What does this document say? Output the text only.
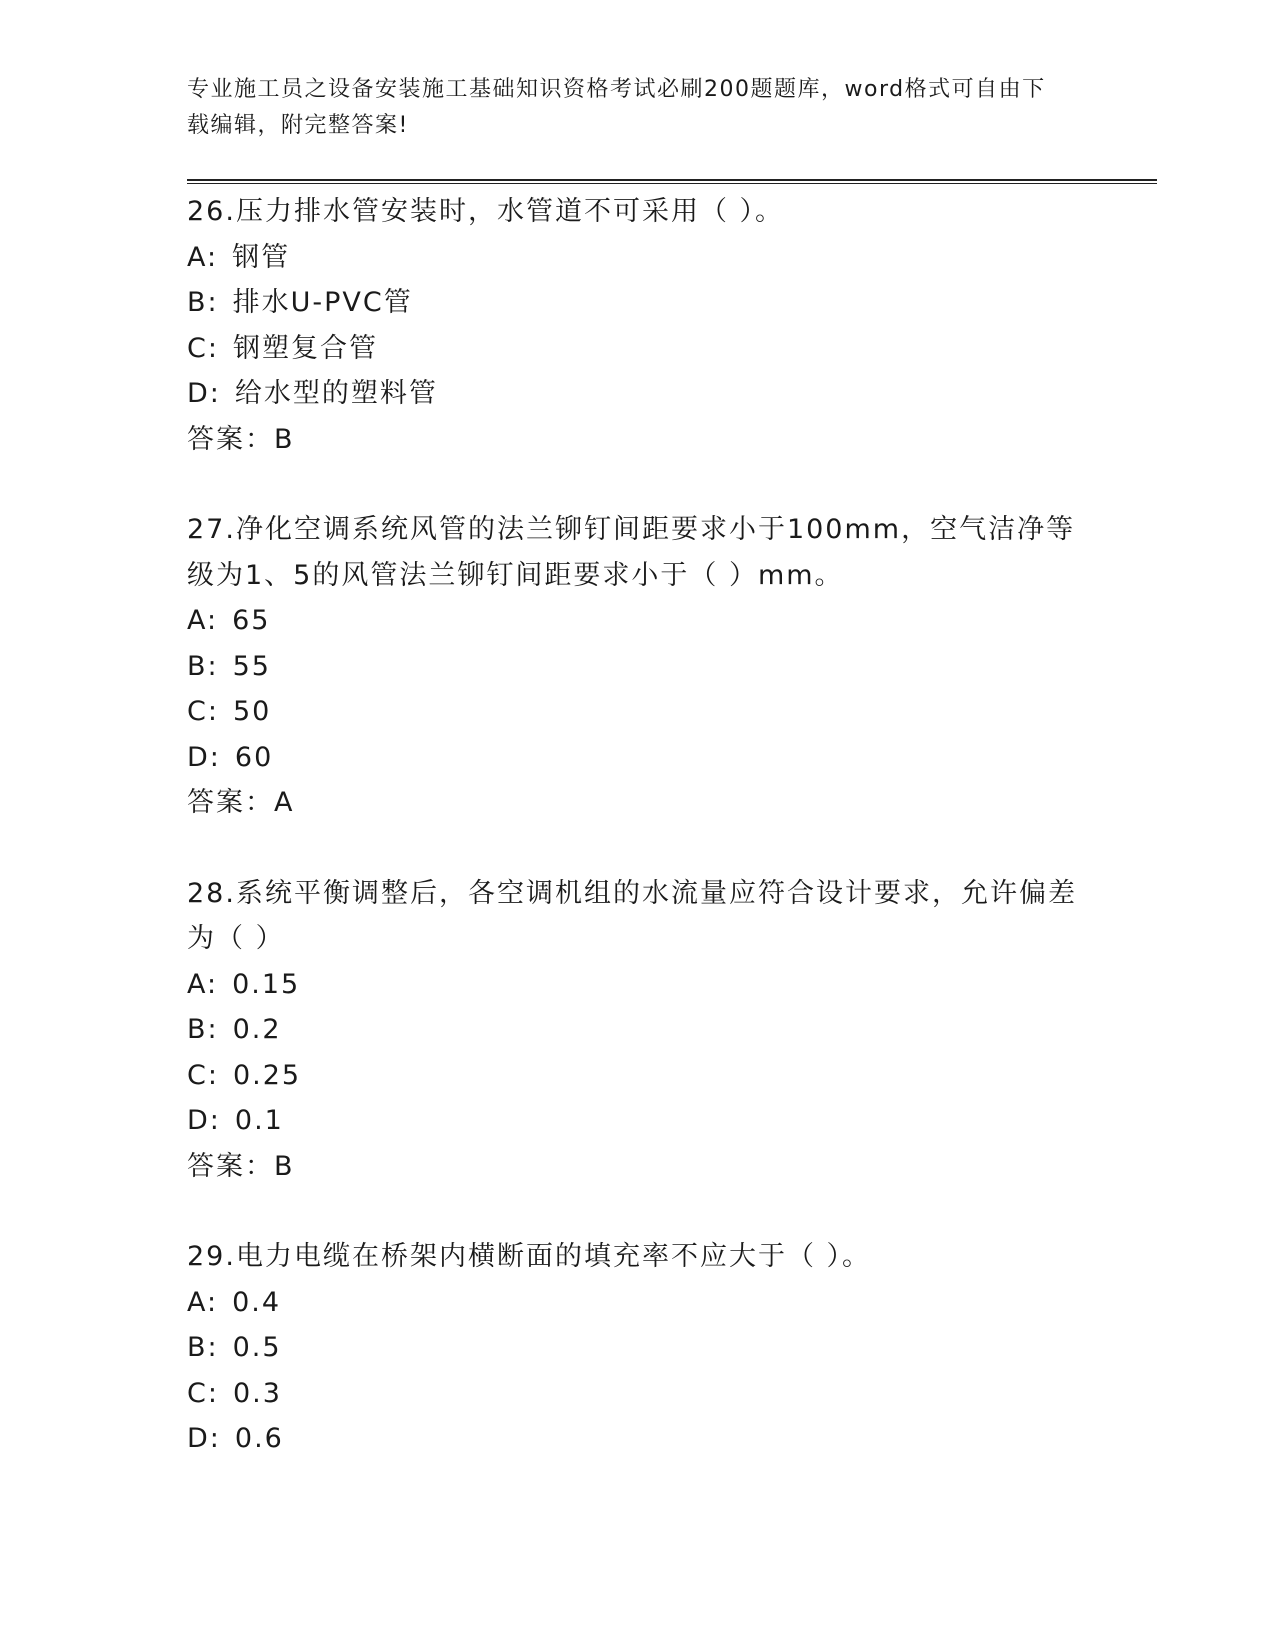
专业施工员之设备安装施工基础知识资格考试必刷200题题库，word格式可自由下载编辑，附完整答案!
26.压力排水管安装时，水管道不可采用（ ）。
A: 钢管
B: 排水U-PVC管
C: 钢塑复合管
D: 给水型的塑料管
答案：B
27.净化空调系统风管的法兰铆钉间距要求小于100mm，空气洁净等级为1、5的风管法兰铆钉间距要求小于（ ）mm。
A: 65
B: 55
C: 50
D: 60
答案：A
28.系统平衡调整后，各空调机组的水流量应符合设计要求，允许偏差为（ ）
A: 0.15
B: 0.2
C: 0.25
D: 0.1
答案：B
29.电力电缆在桥架内横断面的填充率不应大于（ ）。
A: 0.4
B: 0.5
C: 0.3
D: 0.6
